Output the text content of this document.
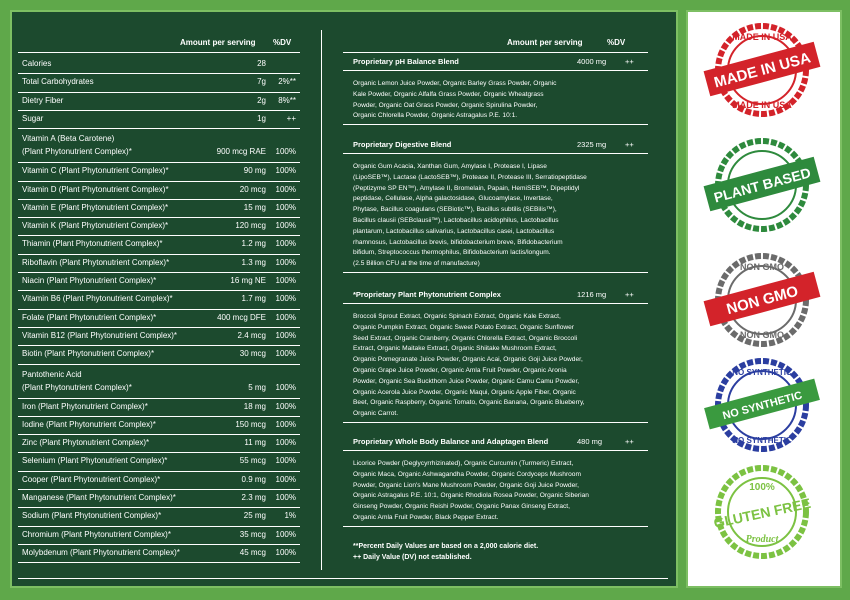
Amount per serving %DV
Calories	28
Total Carbohydrates	7g 2%**
Dietry Fiber	2g 8%**
Sugar	1g	++
Vitamin A (Beta Carotene)
(Plant Phytonutrient Complex)*	900 mcg RAE 100%
Vitamin C (Plant Phytonutrient Complex)*	90 mg 100%
Vitamin D (Plant Phytonutrient Complex)*	20 mcg 100%
Vitamin E (Plant Phytonutrient Complex)*	15 mg 100%
Vitamin K (Plant Phytonutrient Complex)*	120 mcg 100%
Thiamin (Plant Phytonutrient Complex)*	1.2 mg 100%
Riboflavin (Plant Phytonutrient Complex)*	1.3 mg 100%
Niacin (Plant Phytonutrient Complex)*	16 mg NE 100%
Vitamin B6 (Plant Phytonutrient Complex)*	1.7 mg 100%
Folate (Plant Phytonutrient Complex)*	400 mcg DFE 100%
Vitamin B12 (Plant Phytonutrient Complex)*	2.4 mcg 100%
Biotin (Plant Phytonutrient Complex)*	30 mcg 100%
Pantothenic Acid
(Plant Phytonutrient Complex)*	5 mg 100%
Iron (Plant Phytonutrient Complex)*	18 mg 100%
Iodine (Plant Phytonutrient Complex)*	150 mcg 100%
Zinc (Plant Phytonutrient Complex)*	11 mg 100%
Selenium (Plant Phytonutrient Complex)*	55 mcg 100%
Cooper (Plant Phytonutrient Complex)*	0.9 mg 100%
Manganese (Plant Phytonutrient Complex)*	2.3 mg 100%
Sodium (Plant Phytonutrient Complex)*	25 mg 1%
Chromium (Plant Phytonutrient Complex)*	35 mcg 100%
Molybdenum (Plant Phytonutrient Complex)*	45 mcg 100%
Amount per serving	%DV
Proprietary pH Balance Blend	4000 mg	++
Organic Lemon Juice Powder, Organic Barley Grass Powder, Organic
Kale Powder, Organic Alfalfa Grass Powder, Organic Wheatgrass
Powder, Organic Oat Grass Powder, Organic Spirulina Powder,
Organic Chlorella Powder, Organic Astragalus P.E. 10:1.
Proprietary Digestive Blend	2325 mg	++
Organic Gum Acacia, Xanthan Gum, Amylase I, Protease I, Lipase
(LipoSEB™), Lactase (LactoSEB™), Protease II, Protease III, Serratiopeptidase
(Peptizyme SP EN™), Amylase II, Bromelain, Papain, HemiSEB™, Dipeptidyl
peptidase, Cellulase, Alpha galactosidase, Glucoamylase, Invertase,
Phytase, Bacillus coagulans (SEBiotic™), Bacillus subtilis (SEBilis™),
Bacillus clausii (SEBclausii™), Lactobacillus acidophilus, Lactobacillus
plantarum, Lactobacillus salivarius, Lactobacillus casei, Lactobacillus
rhamnosus, Lactobacillus brevis, bifidobacterium breve, Bifidobacterium
bifidum, Streptococcus thermophilus, Bifidobacterium lactis/longum.
(2.5 Billion CFU at the time of manufacture)
*Proprietary Plant Phytonutrient Complex	1216 mg	++
Broccoli Sprout Extract, Organic Spinach Extract, Organic Kale Extract,
Organic Pumpkin Extract, Organic Sweet Potato Extract, Organic Sunflower
Seed Extract, Organic Cranberry, Organic Chlorella Extract, Organic Broccoli
Extract, Organic Maitake Extract, Organic Shiitake Mushroom Extract,
Organic Pomegranate Juice Powder, Organic Acai, Organic Goji Juice Powder,
Organic Grape Juice Powder, Organic Amla Fruit Powder, Organic Aronia
Powder, Organic Sea Buckthorn Juice Powder, Organic Camu Camu Powder,
Organic Acerola Juice Powder, Organic Maqui, Organic Apple Fiber, Organic
Beet, Organic Raspberry, Organic Tomato, Organic Banana, Organic Blueberry,
Organic Carrot.
Proprietary Whole Body Balance and Adaptagen Blend	480 mg	++
Licorice Powder (Deglycyrrhizinated), Organic Curcumin (Turmeric) Extract,
Organic Maca, Organic Ashwagandha Powder, Organic Cordyceps Mushroom
Powder, Organic Lion's Mane Mushroom Powder, Organic Goji Juice Powder,
Organic Astragalus P.E. 10:1, Organic Rhodiola Rosea Powder, Organic Siberian
Ginseng Powder, Organic Reishi Powder, Organic Panax Ginseng Extract,
Organic Amla Fruit Powder, Black Pepper Extract.
**Percent Daily Values are based on a 2,000 calorie diet.
++ Daily Value (DV) not established.
MADE IN USA
MADE IN USA
MADE IN USA
PLANT BASED
NON GMO
NON GMO
NON GMO
NO SYNTHETIC
NO SYNTHETIC
NO SYNTHETIC
100%
GLUTEN FREE
Product
